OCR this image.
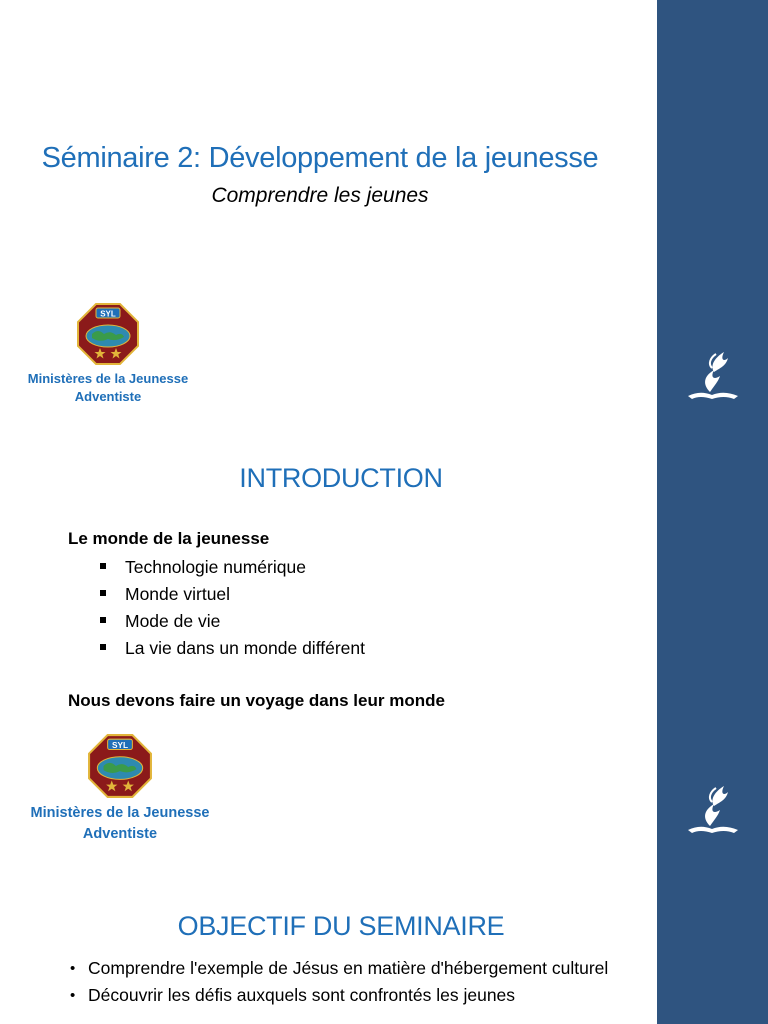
Séminaire 2: Développement de la jeunesse
Comprendre les jeunes
SYL
Ministères de la Jeunesse
Adventiste
INTRODUCTION
Le monde de la jeunesse
Technologie numérique
Monde virtuel
Mode de vie
La vie dans un monde différent
Nous devons faire un voyage dans leur monde
SYL
Ministères de la Jeunesse
Adventiste
OBJECTIF DU SEMINAIRE
• Comprendre l'exemple de Jésus en matière d'hébergement culturel
• Découvrir les défis auxquels sont confrontés les jeunes
